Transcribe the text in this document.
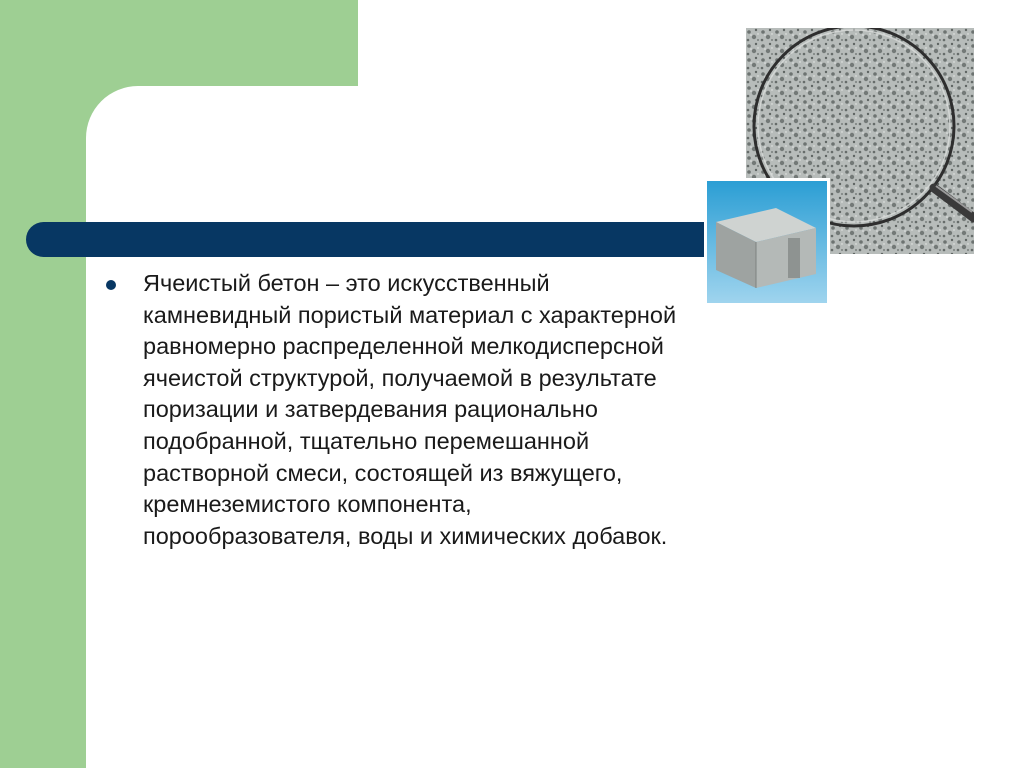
Ячеистый бетон – это искусственный камневидный пористый материал с характерной равномерно распределенной мелкодисперсной ячеистой структурой, получаемой в результате поризации и затвердевания рационально подобранной, тщательно перемешанной растворной смеси, состоящей из вяжущего, кремнеземистого компонента, порообразователя, воды и химических добавок.
